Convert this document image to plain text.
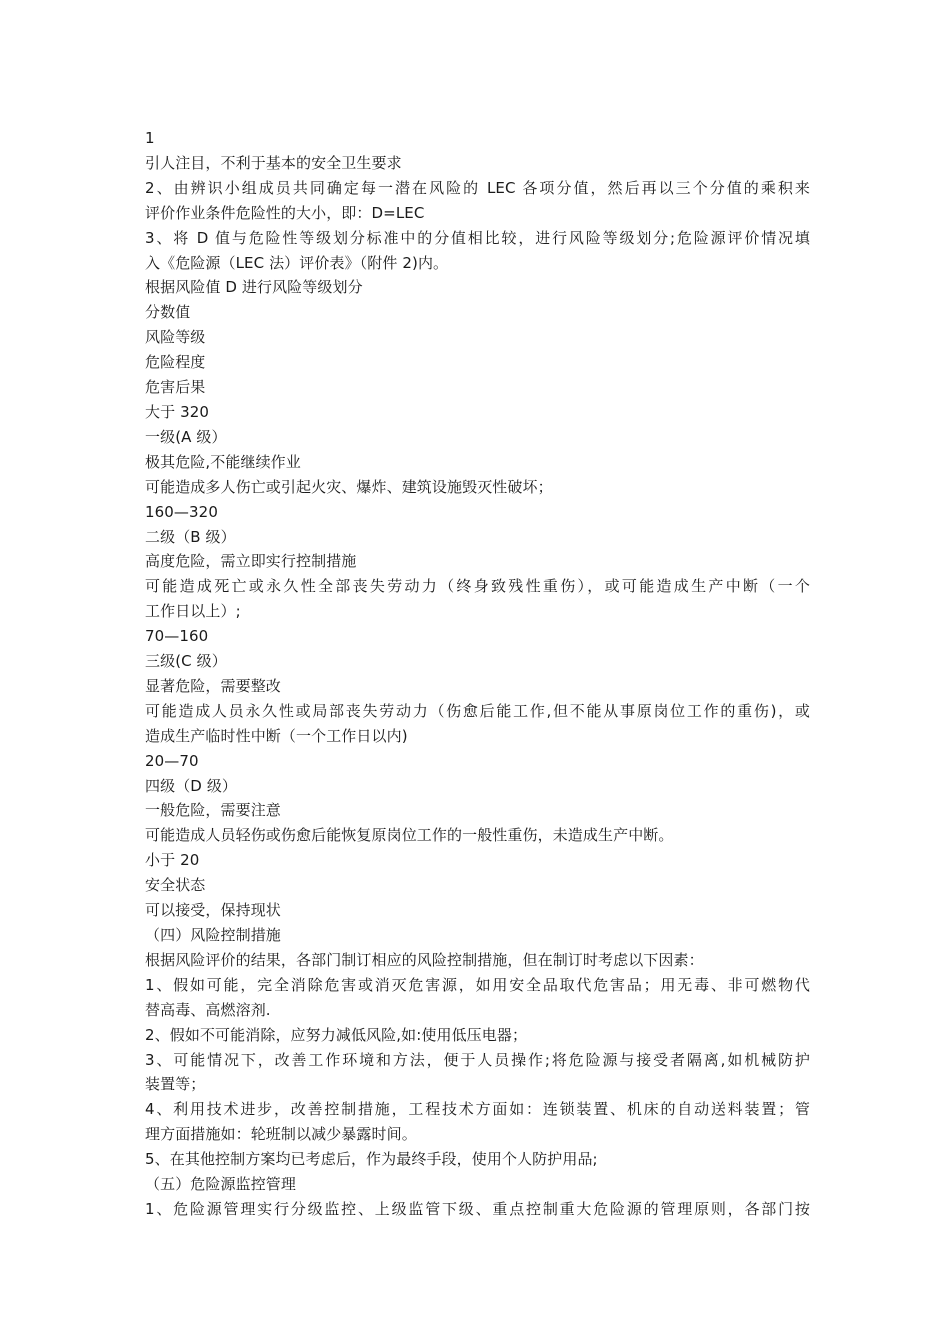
1

引人注目，不利于基本的安全卫生要求

2、由辨识小组成员共同确定每一潜在风险的 LEC 各项分值，然后再以三个分值的乘积来

评价作业条件危险性的大小，即：D=LEC

3、将 D 值与危险性等级划分标准中的分值相比较，进行风险等级划分;危险源评价情况填

入《危险源（LEC 法）评价表》（附件 2)内。

根据风险值 D 进行风险等级划分

分数值

风险等级

危险程度

危害后果

大于 320

一级(A 级）

极其危险,不能继续作业

可能造成多人伤亡或引起火灾、爆炸、建筑设施毁灭性破坏；

160—320

二级（B 级）

高度危险，需立即实行控制措施

可能造成死亡或永久性全部丧失劳动力（终身致残性重伤），或可能造成生产中断（一个

工作日以上）;

70—160

三级(C 级）

显著危险，需要整改

可能造成人员永久性或局部丧失劳动力（伤愈后能工作,但不能从事原岗位工作的重伤)，或

造成生产临时性中断（一个工作日以内)

20—70

四级（D 级）

一般危险，需要注意

可能造成人员轻伤或伤愈后能恢复原岗位工作的一般性重伤，未造成生产中断。

小于 20

安全状态

可以接受，保持现状

（四）风险控制措施

根据风险评价的结果，各部门制订相应的风险控制措施，但在制订时考虑以下因素：

1、假如可能，完全消除危害或消灭危害源，如用安全品取代危害品；用无毒、非可燃物代

替高毒、高燃溶剂.

2、假如不可能消除，应努力减低风险,如:使用低压电器；

3、可能情况下，改善工作环境和方法，便于人员操作;将危险源与接受者隔离,如机械防护

装置等；

4、利用技术进步，改善控制措施，工程技术方面如：连锁装置、机床的自动送料装置；管

理方面措施如：轮班制以减少暴露时间。

5、在其他控制方案均已考虑后，作为最终手段，使用个人防护用品;

（五）危险源监控管理

1、危险源管理实行分级监控、上级监管下级、重点控制重大危险源的管理原则，各部门按
